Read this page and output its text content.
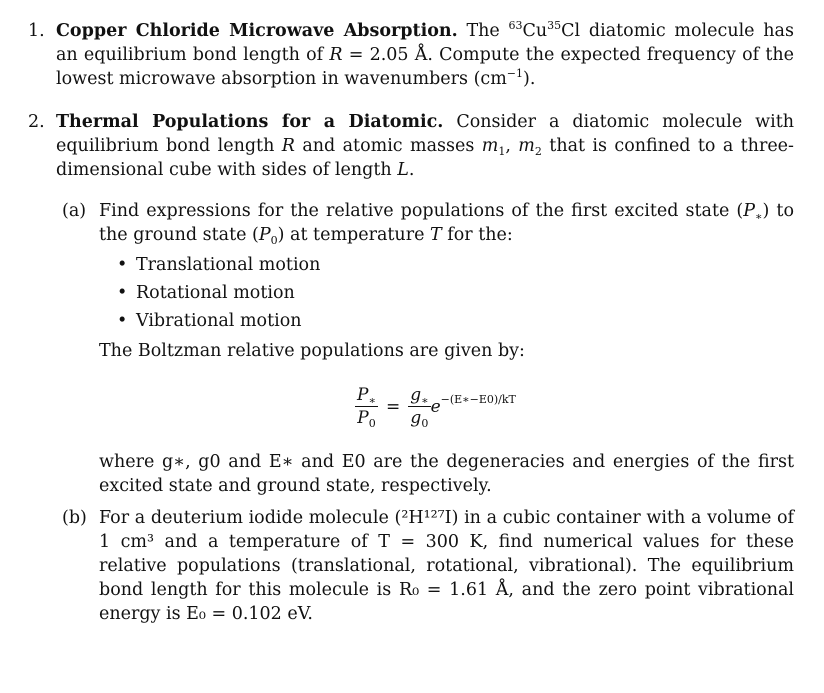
1. Copper Chloride Microwave Absorption. The $^{63}$Cu$^{35}$Cl diatomic molecule has an equilibrium bond length of R = 2.05 Å. Compute the expected frequency of the lowest microwave absorption in wavenumbers $(cm^{-1})$.
2. Thermal Populations for a Diatomic. Consider a diatomic molecule with equilibrium bond length R and atomic masses $m_1$, $m_2$ that is confined to a three-dimensional cube with sides of length L.
(a) Find expressions for the relative populations of the first excited state $(P_∗)$ to the ground state $(P_0)$ at temperature T for the:
• Translational motion
• Rotational motion
• Vibrational motion
The Boltzman relative populations are given by:
$\frac{P_∗}{P_0} = \frac{g_∗}{g_0} e^{-(E∗-E0)/kT}$
where g∗, g0 and E∗ and E0 are the degeneracies and energies of the first excited state and ground state, respectively.
(b) For a deuterium iodide molecule (²H¹²⁷I) in a cubic container with a volume of 1 cm³ and a temperature of T = 300 K, find numerical values for these relative populations (translational, rotational, vibrational). The equilibrium bond length for this molecule is R₀ = 1.61 Å, and the zero point vibrational energy is E₀ = 0.102 eV.
